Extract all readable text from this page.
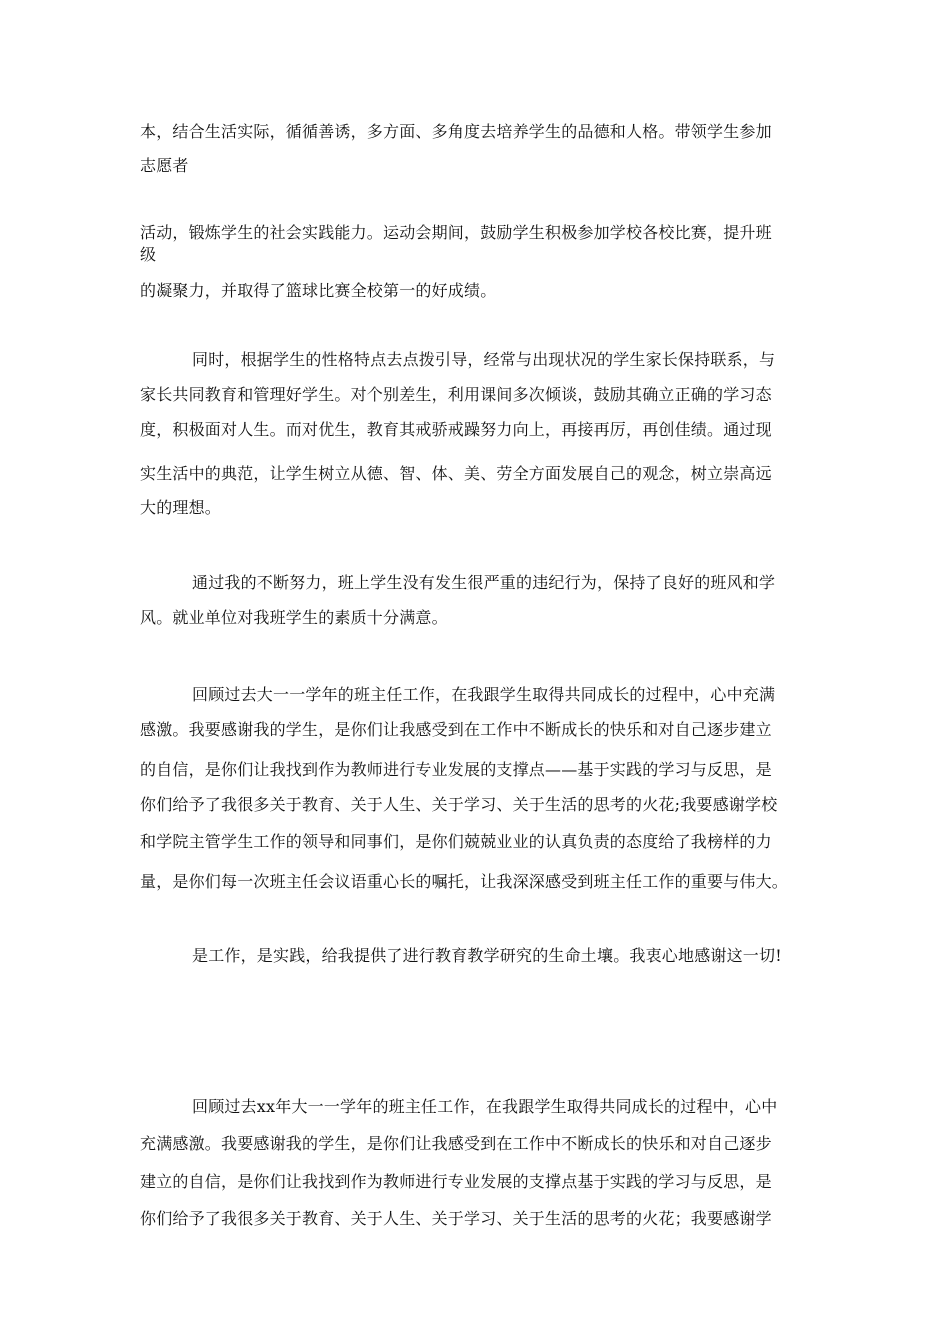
本，结合生活实际，循循善诱，多方面、多角度去培养学生的品德和人格。带领学生参加
志愿者
活动，锻炼学生的社会实践能力。运动会期间，鼓励学生积极参加学校各校比赛，提升班
级
的凝聚力，并取得了篮球比赛全校第一的好成绩。
同时，根据学生的性格特点去点拨引导，经常与出现状况的学生家长保持联系，与
家长共同教育和管理好学生。对个别差生，利用课间多次倾谈，鼓励其确立正确的学习态
度，积极面对人生。而对优生，教育其戒骄戒躁努力向上，再接再厉，再创佳绩。通过现
实生活中的典范，让学生树立从德、智、体、美、劳全方面发展自己的观念，树立崇高远
大的理想。
通过我的不断努力，班上学生没有发生很严重的违纪行为，保持了良好的班风和学
风。就业单位对我班学生的素质十分满意。
回顾过去大一一学年的班主任工作，在我跟学生取得共同成长的过程中，心中充满
感激。我要感谢我的学生，是你们让我感受到在工作中不断成长的快乐和对自己逐步建立
的自信，是你们让我找到作为教师进行专业发展的支撑点——基于实践的学习与反思，是
你们给予了我很多关于教育、关于人生、关于学习、关于生活的思考的火花;我要感谢学校
和学院主管学生工作的领导和同事们，是你们兢兢业业的认真负责的态度给了我榜样的力
量，是你们每一次班主任会议语重心长的嘱托，让我深深感受到班主任工作的重要与伟大。
是工作，是实践，给我提供了进行教育教学研究的生命土壤。我衷心地感谢这一切!
回顾过去xx年大一一学年的班主任工作，在我跟学生取得共同成长的过程中，心中
充满感激。我要感谢我的学生，是你们让我感受到在工作中不断成长的快乐和对自己逐步
建立的自信，是你们让我找到作为教师进行专业发展的支撑点基于实践的学习与反思，是
你们给予了我很多关于教育、关于人生、关于学习、关于生活的思考的火花；我要感谢学
